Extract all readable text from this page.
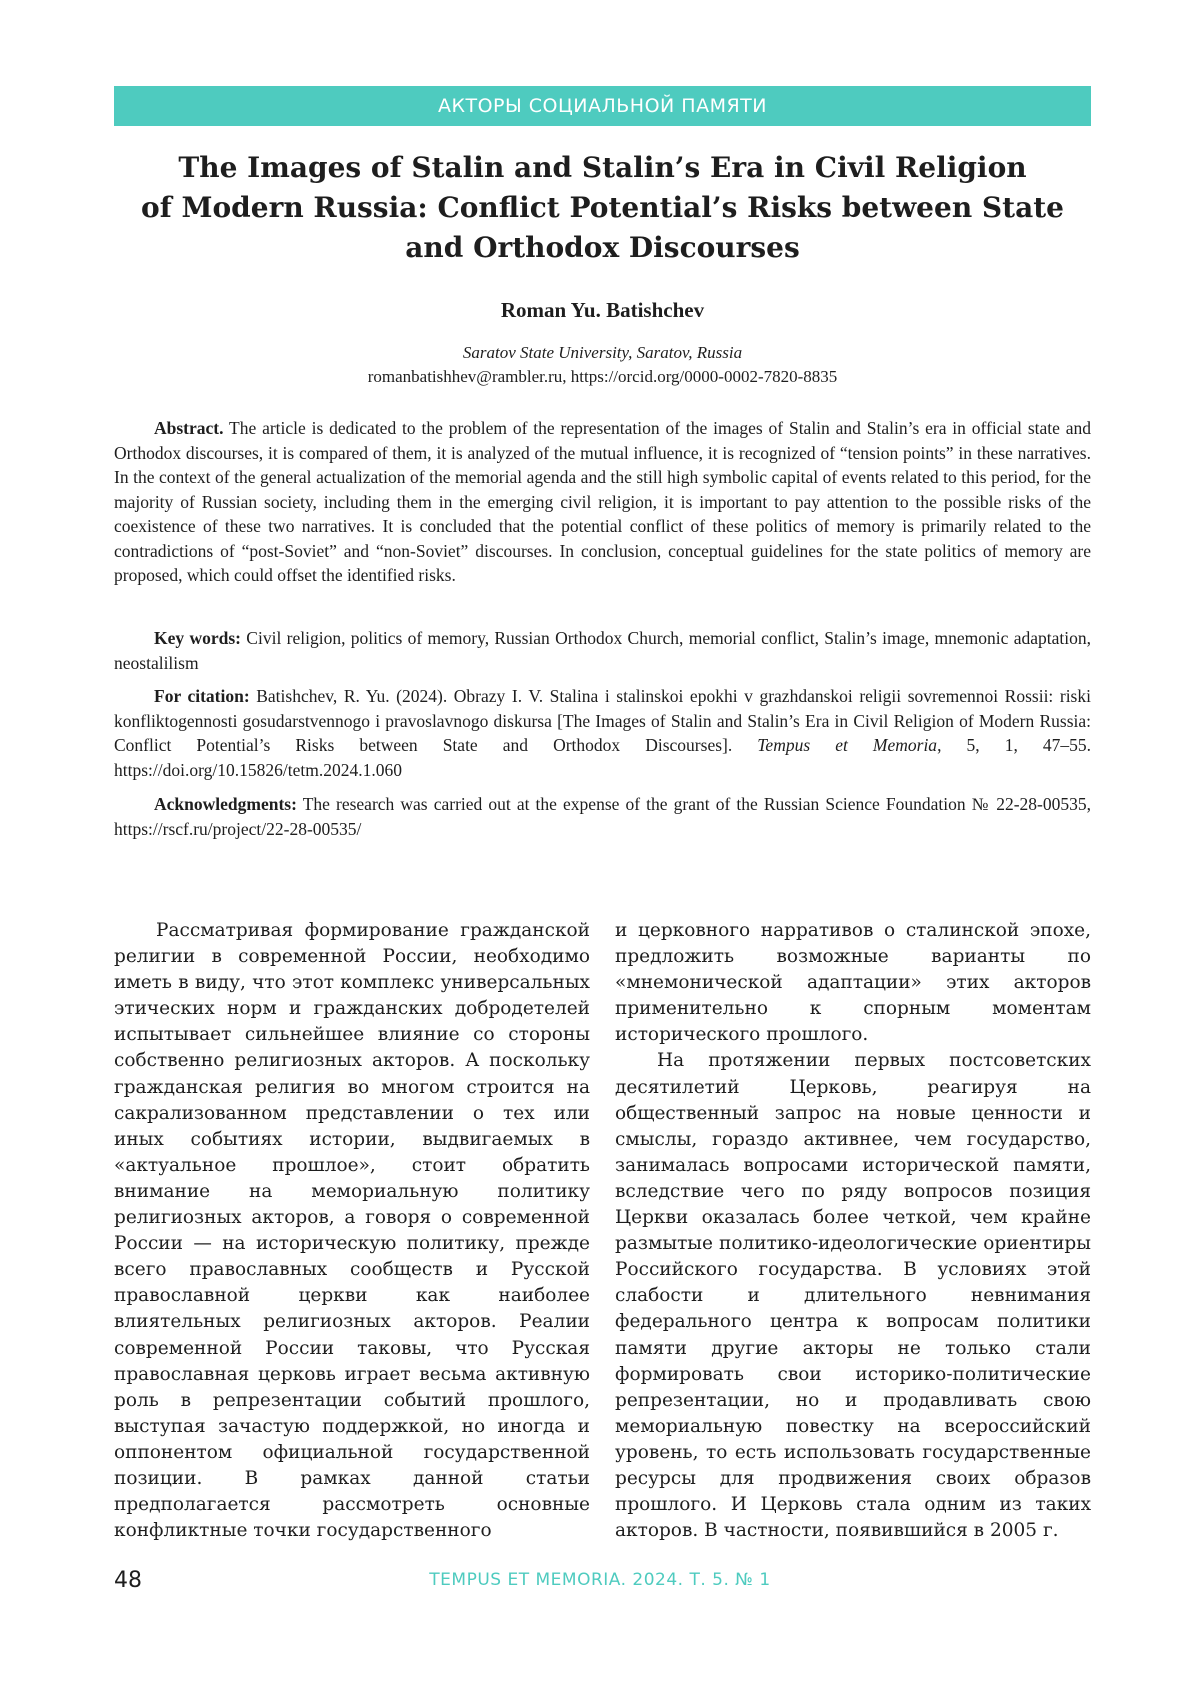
АКТОРЫ СОЦИАЛЬНОЙ ПАМЯТИ
The Images of Stalin and Stalin’s Era in Civil Religion
of Modern Russia: Conflict Potential’s Risks between State
and Orthodox Discourses
Roman Yu. Batishchev
Saratov State University, Saratov, Russia
romanbatishhev@rambler.ru, https://orcid.org/0000-0002-7820-8835

Abstract. The article is dedicated to the problem of the representation of the images of Stalin and Stalin’s era in official state and Orthodox discourses, it is compared of them, it is analyzed of the mutual influence, it is recognized of “tension points” in these narratives. In the context of the general actualization of the memorial agenda and the still high symbolic capital of events related to this period, for the majority of Russian society, including them in the emerging civil religion, it is important to pay attention to the possible risks of the coexistence of these two narratives. It is concluded that the potential conflict of these politics of memory is primarily related to the contradictions of “post-Soviet” and “non-Soviet” discourses. In conclusion, conceptual guidelines for the state politics of memory are proposed, which could offset the identified risks.

Key words: Civil religion, politics of memory, Russian Orthodox Church, memorial conflict, Stalin’s image, mnemonic adaptation, neostalilism

For citation: Batishchev, R. Yu. (2024). Obrazy I. V. Stalina i stalinskoi epokhi v grazhdanskoi religii sovremennoi Rossii: riski konfliktogennosti gosudarstvennogo i pravoslavnogo diskursa [The Images of Stalin and Stalin’s Era in Civil Religion of Modern Russia: Conflict Potential’s Risks between State and Orthodox Discourses]. Tempus et Memoria, 5, 1, 47–55. https://doi.org/10.15826/tetm.2024.1.060

Acknowledgments: The research was carried out at the expense of the grant of the Russian Science Foundation № 22-28-00535, https://rscf.ru/project/22-28-00535/

Рассматривая формирование гражданской религии в современной России, необходимо иметь в виду, что этот комплекс универсальных этических норм и гражданских добродетелей испытывает сильнейшее влияние со стороны собственно религиозных акторов. А поскольку гражданская религия во многом строится на сакрализованном представлении о тех или иных событиях истории, выдвигаемых в «актуальное прошлое», стоит обратить внимание на мемориальную политику религиозных акторов, а говоря о современной России — на историческую политику, прежде всего православных сообществ и Русской православной церкви как наиболее влиятельных религиозных акторов. Реалии современной России таковы, что Русская православная церковь играет весьма активную роль в репрезентации событий прошлого, выступая зачастую поддержкой, но иногда и оппонентом официальной государственной позиции. В рамках данной статьи предполагается рассмотреть основные конфликтные точки государственного

и церковного нарративов о сталинской эпохе, предложить возможные варианты по «мнемонической адаптации» этих акторов применительно к спорным моментам исторического прошлого.

На протяжении первых постсоветских десятилетий Церковь, реагируя на общественный запрос на новые ценности и смыслы, гораздо активнее, чем государство, занималась вопросами исторической памяти, вследствие чего по ряду вопросов позиция Церкви оказалась более четкой, чем крайне размытые политико-идеологические ориентиры Российского государства. В условиях этой слабости и длительного невнимания федерального центра к вопросам политики памяти другие акторы не только стали формировать свои историко-политические репрезентации, но и продавливать свою мемориальную повестку на всероссийский уровень, то есть использовать государственные ресурсы для продвижения своих образов прошлого. И Церковь стала одним из таких акторов. В частности, появившийся в 2005 г.

48	TEMPUS ET MEMORIA. 2024. Т. 5. № 1
